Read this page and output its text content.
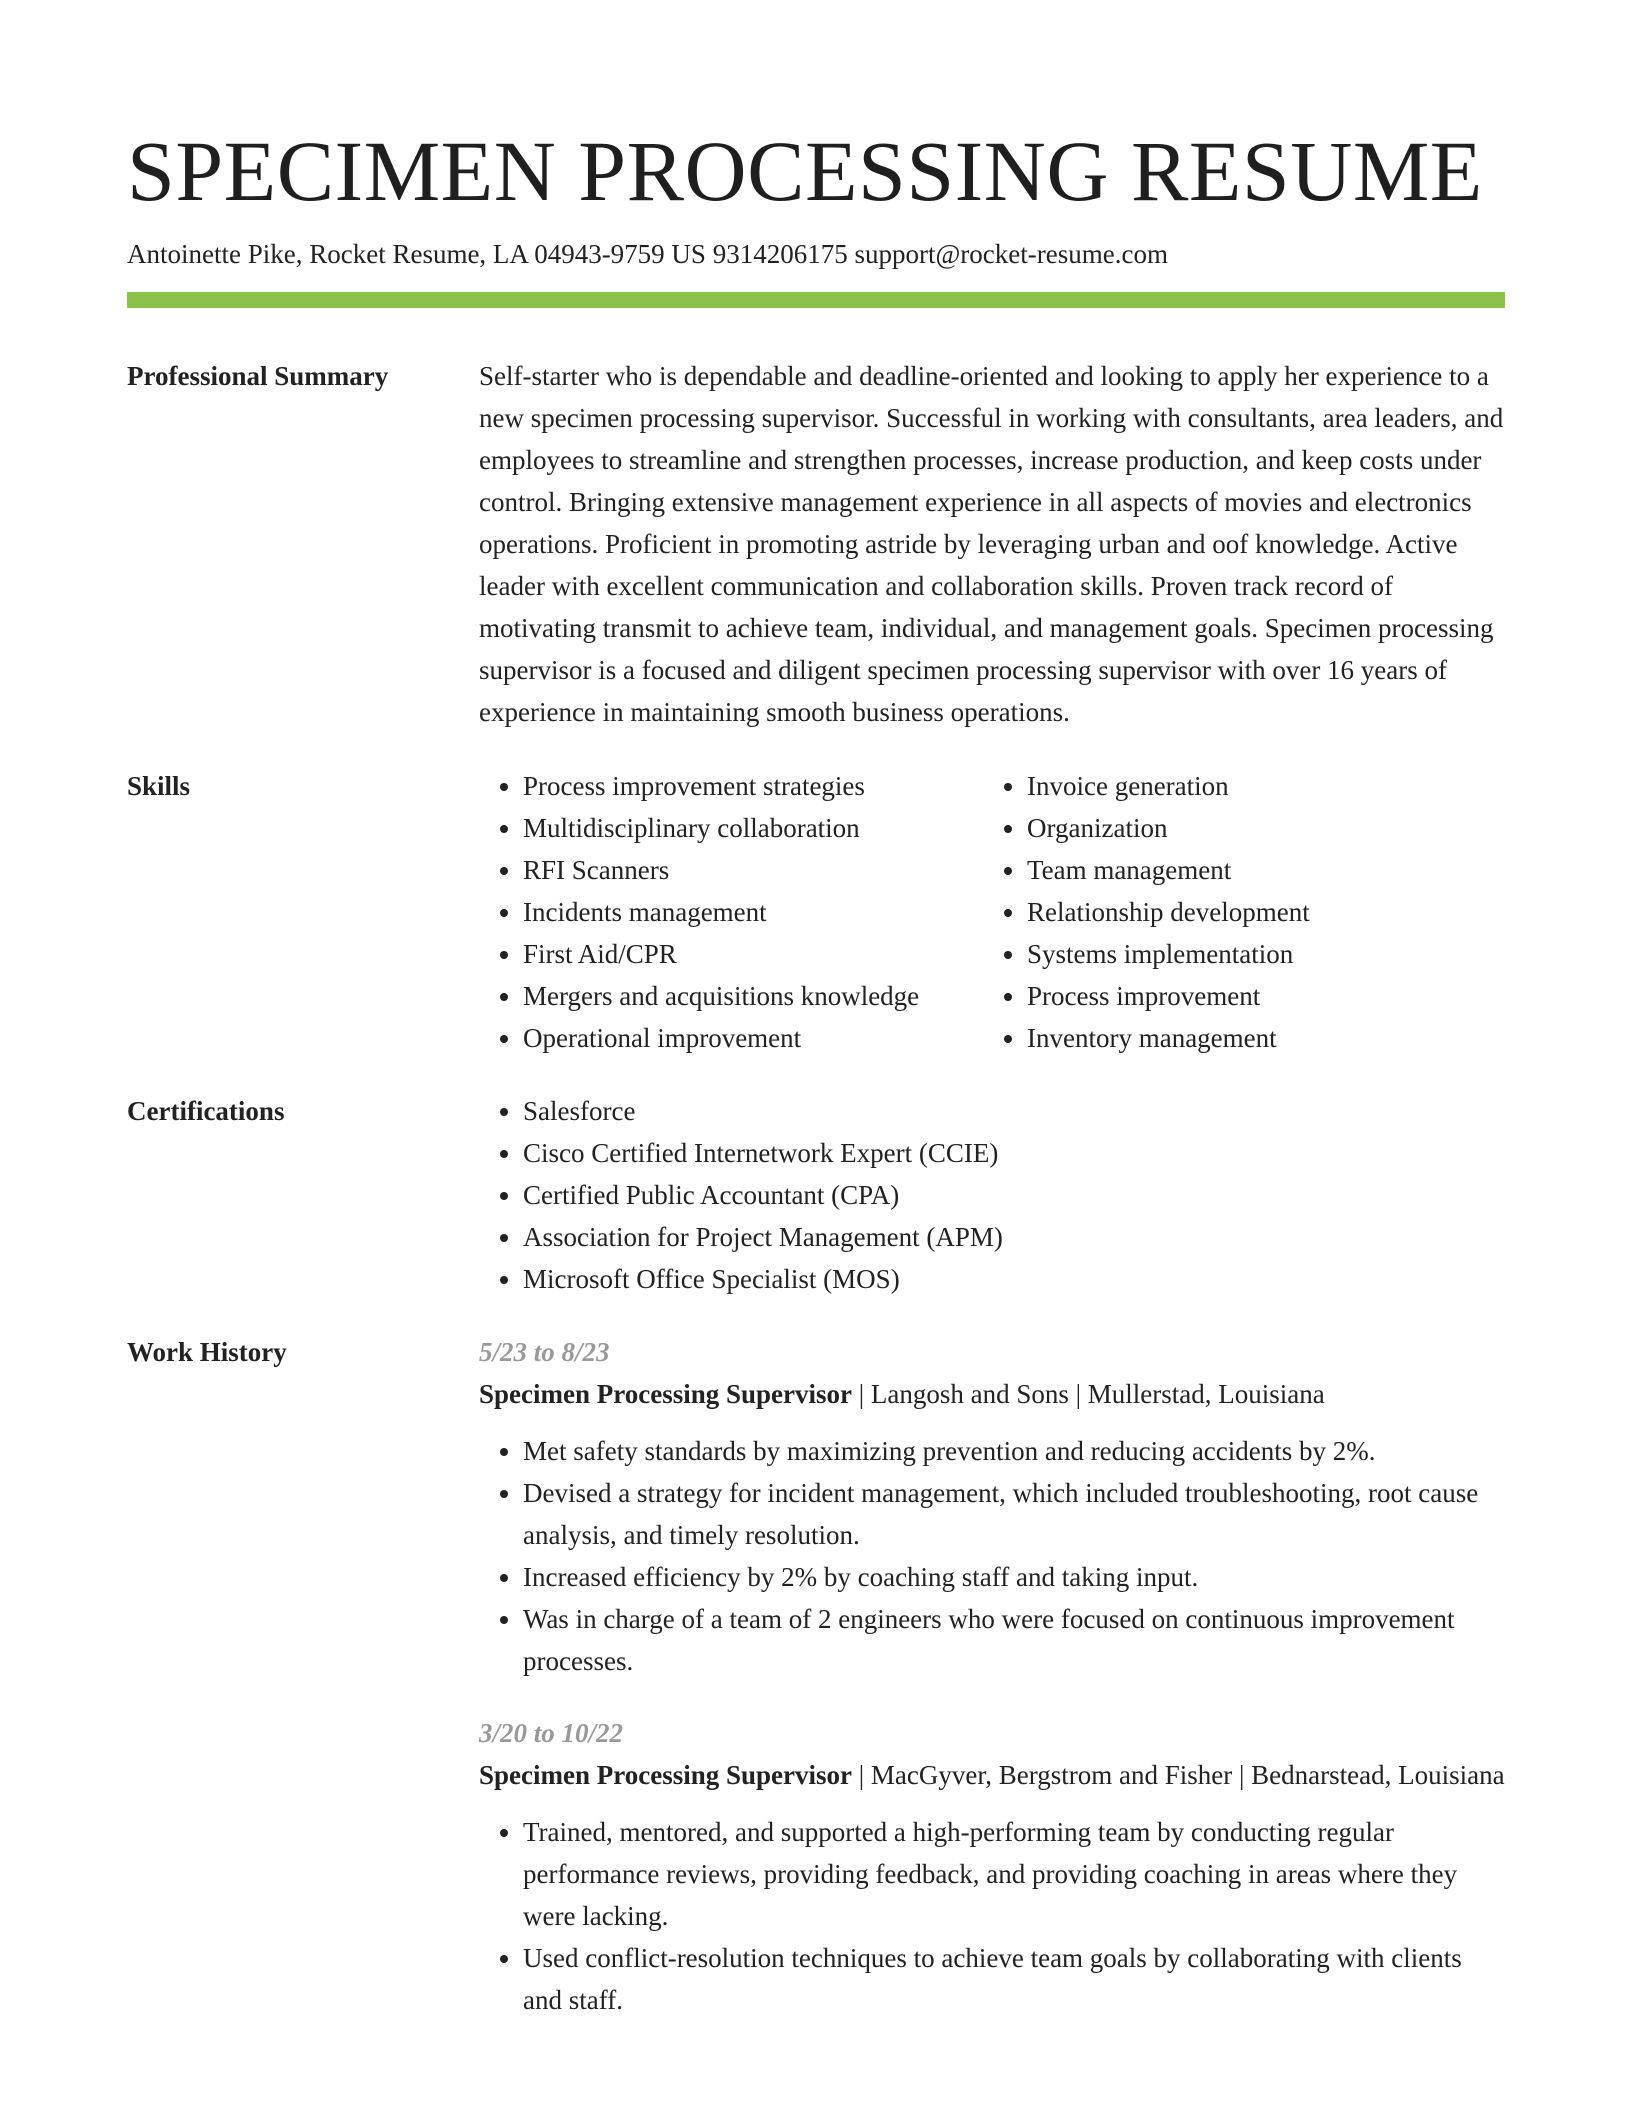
SPECIMEN PROCESSING RESUME
Antoinette Pike, Rocket Resume, LA 04943-9759 US 9314206175 support@rocket-resume.com
Professional Summary	Self-starter who is dependable and deadline-oriented and looking to apply her experience to a new specimen processing supervisor. Successful in working with consultants, area leaders, and employees to streamline and strengthen processes, increase production, and keep costs under control. Bringing extensive management experience in all aspects of movies and electronics operations. Proficient in promoting astride by leveraging urban and oof knowledge. Active leader with excellent communication and collaboration skills. Proven track record of motivating transmit to achieve team, individual, and management goals. Specimen processing supervisor is a focused and diligent specimen processing supervisor with over 16 years of experience in maintaining smooth business operations.
Skills	• Process improvement strategies
• Multidisciplinary collaboration
• RFI Scanners
• Incidents management
• First Aid/CPR
• Mergers and acquisitions knowledge
• Operational improvement
• Invoice generation
• Organization
• Team management
• Relationship development
• Systems implementation
• Process improvement
• Inventory management
Certifications	• Salesforce
• Cisco Certified Internetwork Expert (CCIE)
• Certified Public Accountant (CPA)
• Association for Project Management (APM)
• Microsoft Office Specialist (MOS)
Work History	5/23 to 8/23
Specimen Processing Supervisor | Langosh and Sons | Mullerstad, Louisiana
• Met safety standards by maximizing prevention and reducing accidents by 2%.
• Devised a strategy for incident management, which included troubleshooting, root cause analysis, and timely resolution.
• Increased efficiency by 2% by coaching staff and taking input.
• Was in charge of a team of 2 engineers who were focused on continuous improvement processes.
3/20 to 10/22
Specimen Processing Supervisor | MacGyver, Bergstrom and Fisher | Bednarstead, Louisiana
• Trained, mentored, and supported a high-performing team by conducting regular performance reviews, providing feedback, and providing coaching in areas where they were lacking.
• Used conflict-resolution techniques to achieve team goals by collaborating with clients and staff.
